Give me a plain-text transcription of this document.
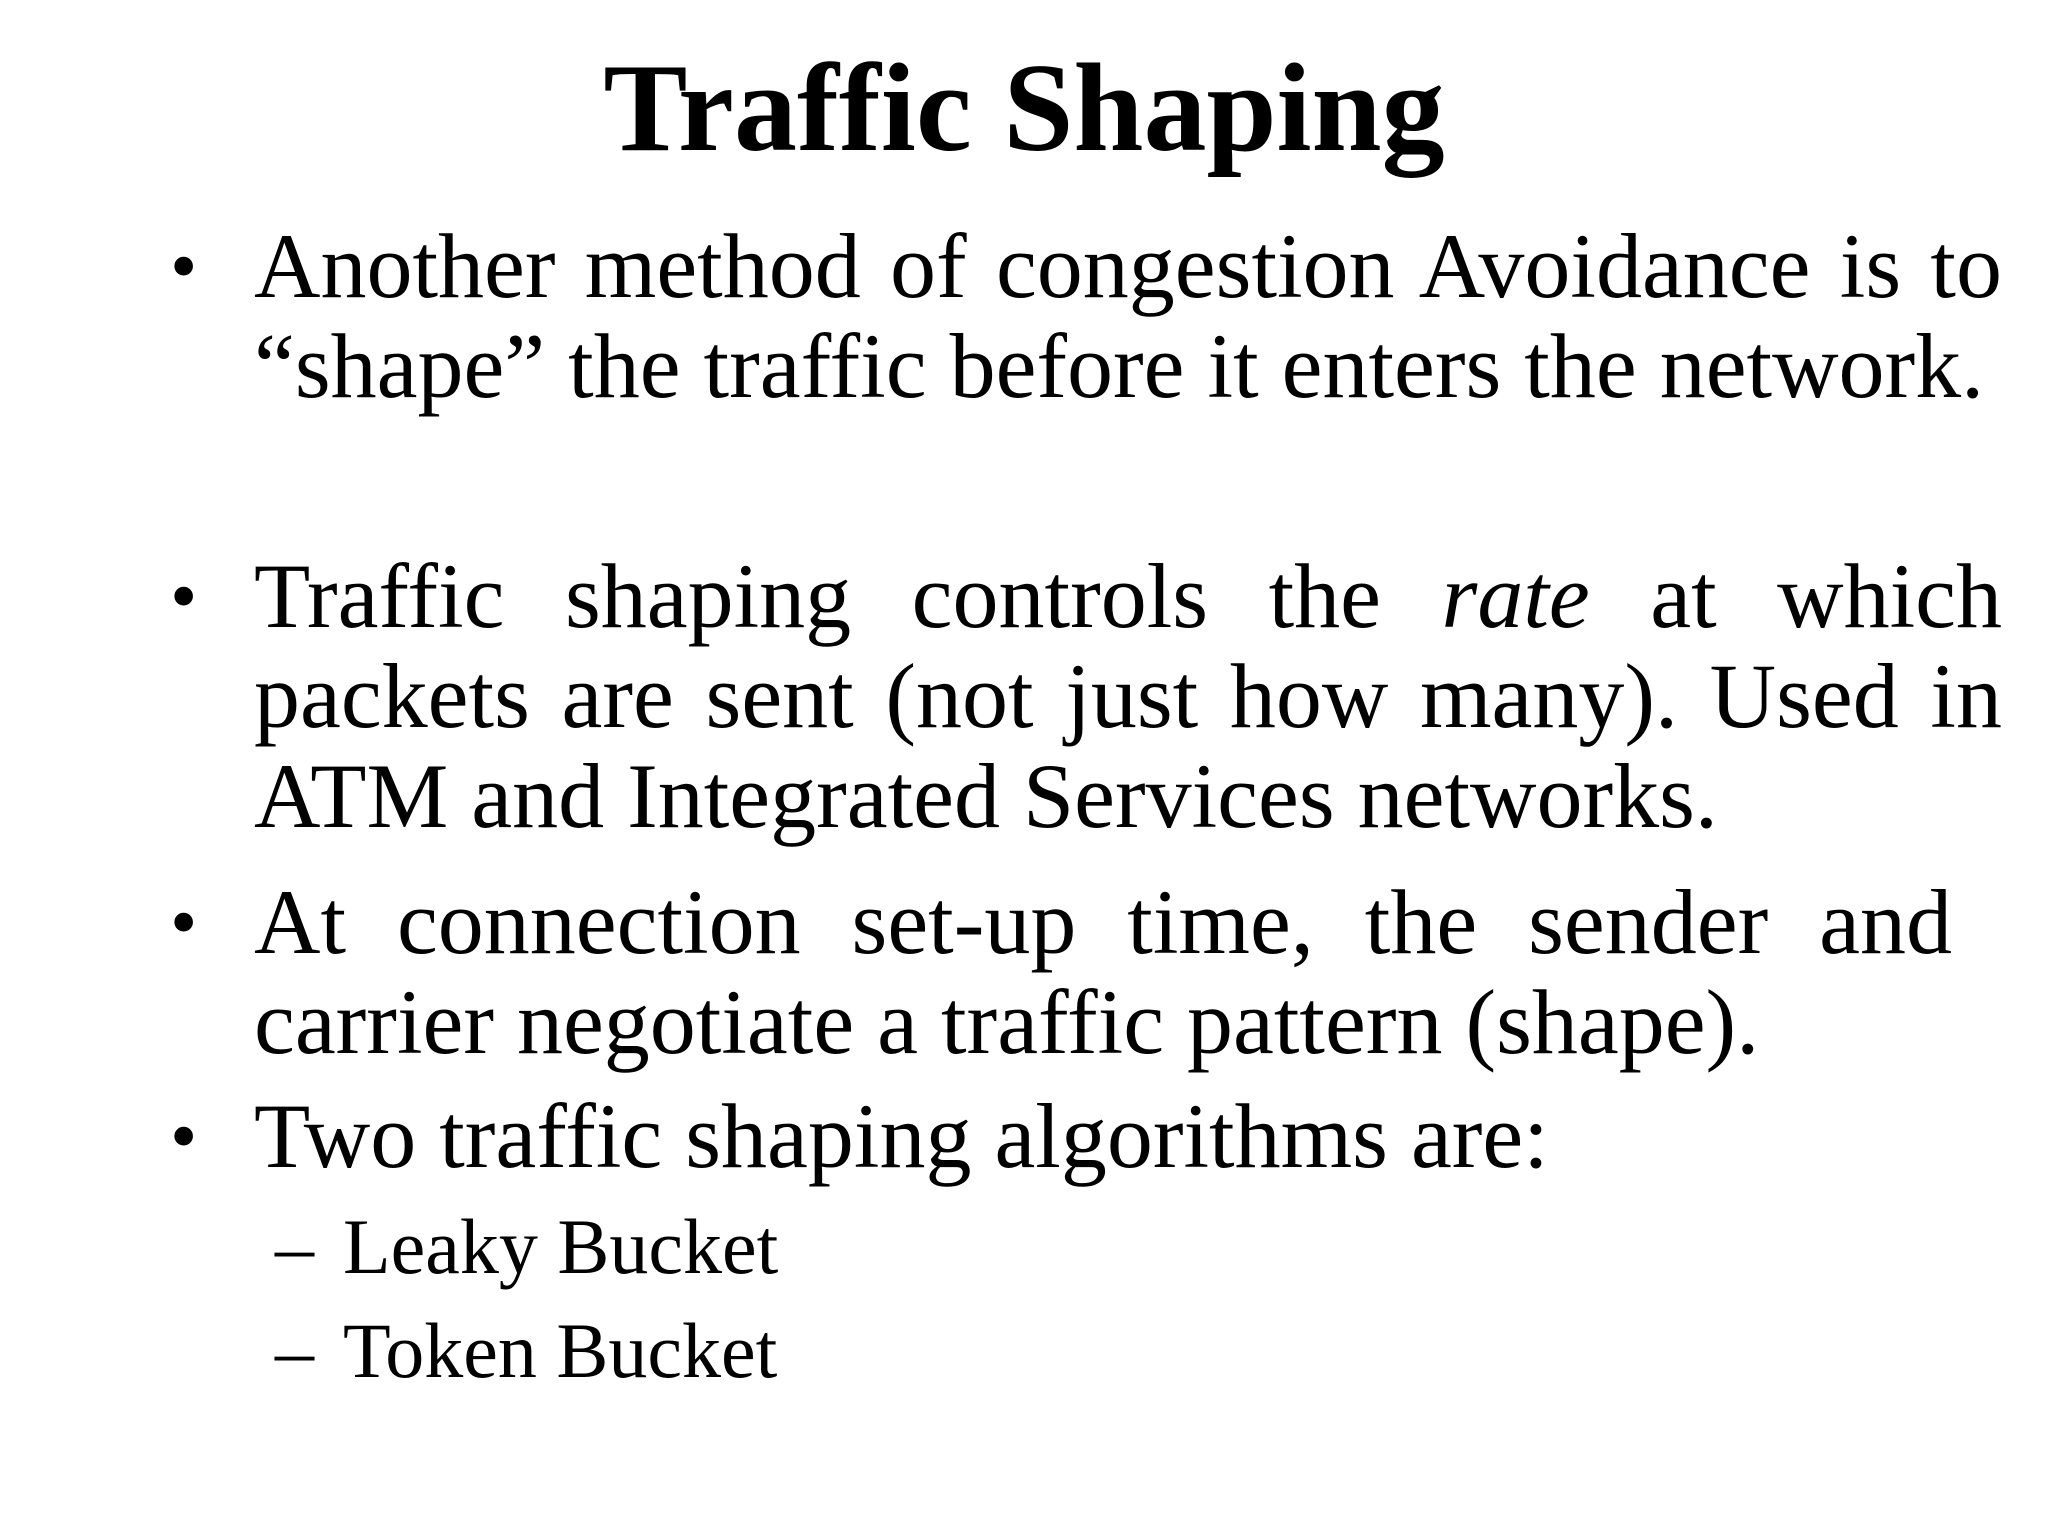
Traffic Shaping
• Another method of congestion Avoidance is to “shape” the traffic before it enters the network.
• Traffic shaping controls the rate at which packets are sent (not just how many). Used in ATM and Integrated Services networks.
• At connection set-up time, the sender and carrier negotiate a traffic pattern (shape).
• Two traffic shaping algorithms are:
– Leaky Bucket
– Token Bucket
